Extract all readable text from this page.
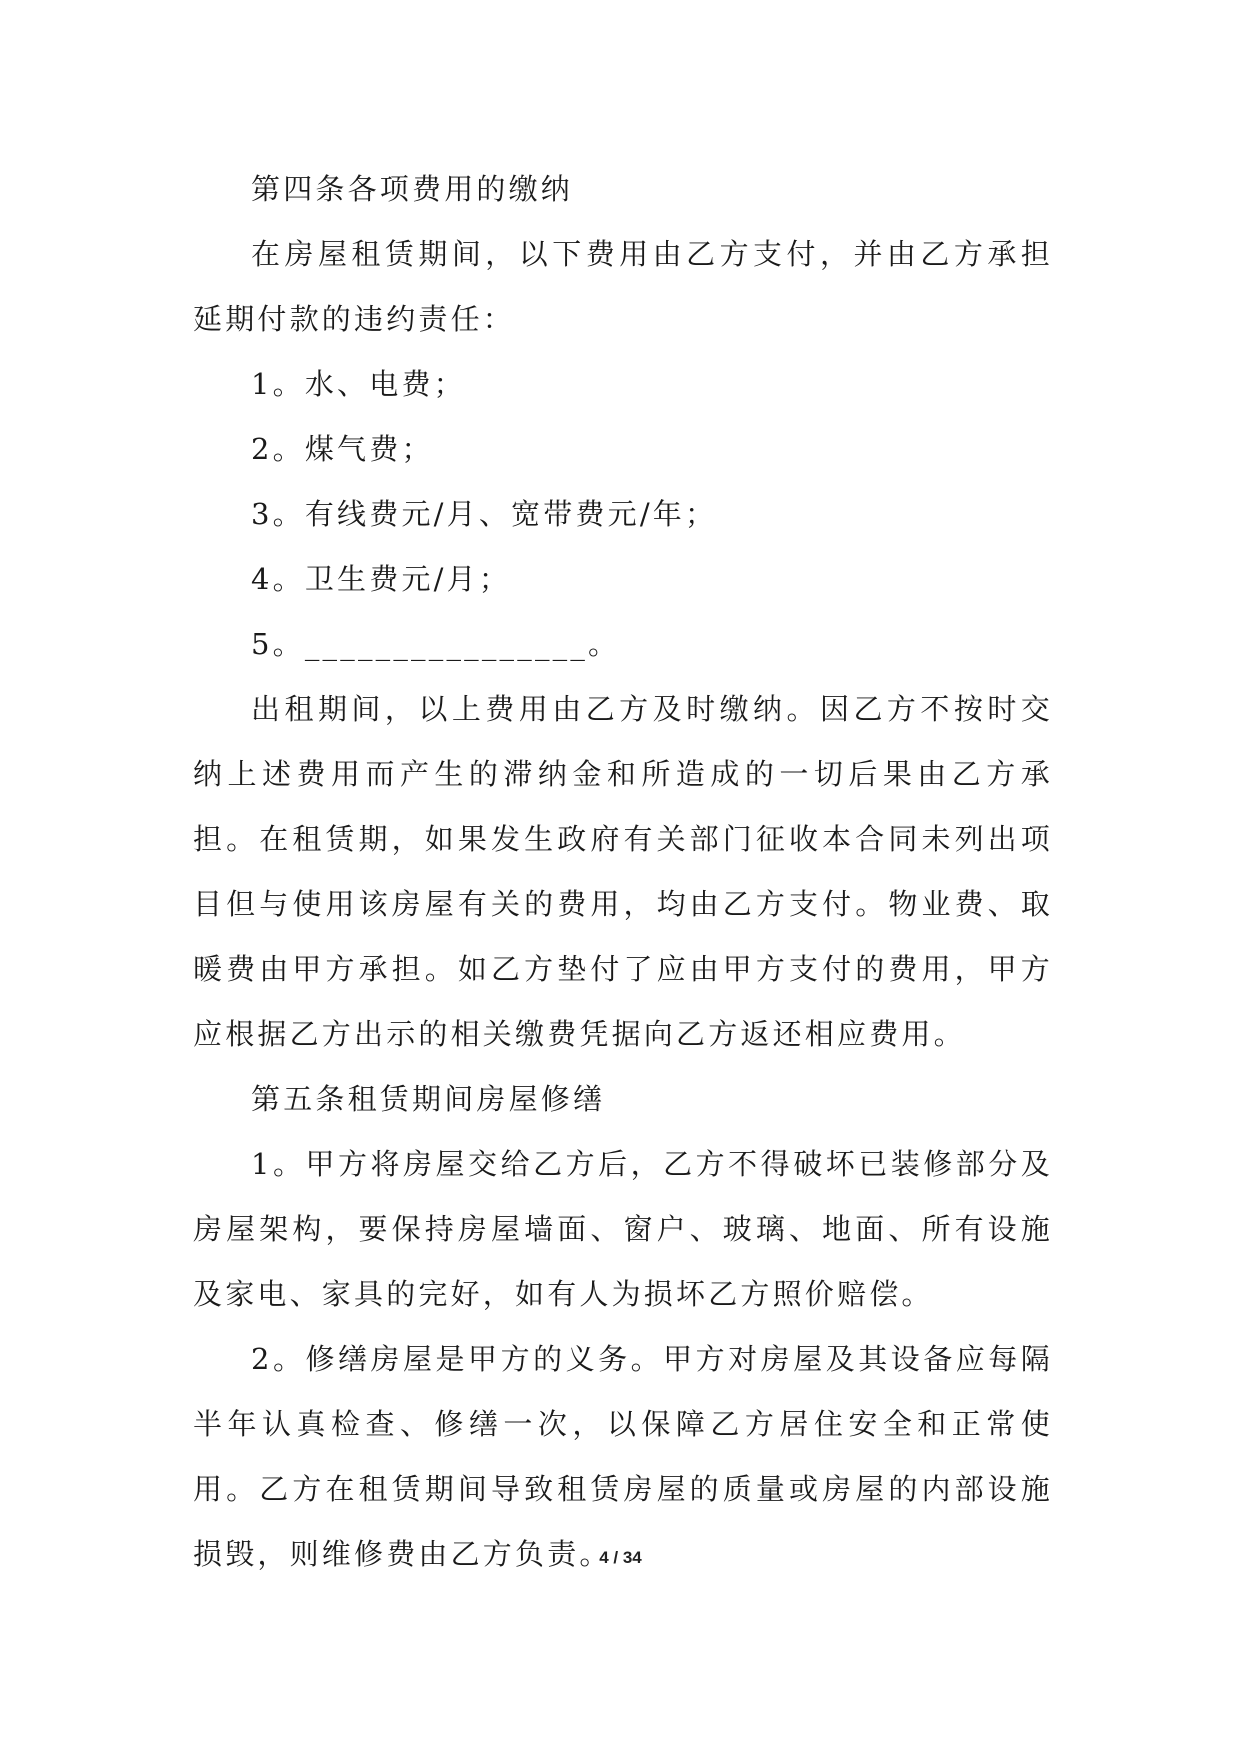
第四条各项费用的缴纳

在房屋租赁期间，以下费用由乙方支付，并由乙方承担延期付款的违约责任：

1。水、电费；

2。煤气费；

3。有线费元/月、宽带费元/年；

4。卫生费元/月；

5。________________。

出租期间，以上费用由乙方及时缴纳。因乙方不按时交纳上述费用而产生的滞纳金和所造成的一切后果由乙方承担。在租赁期，如果发生政府有关部门征收本合同未列出项目但与使用该房屋有关的费用，均由乙方支付。物业费、取暖费由甲方承担。如乙方垫付了应由甲方支付的费用，甲方应根据乙方出示的相关缴费凭据向乙方返还相应费用。

第五条租赁期间房屋修缮

1。甲方将房屋交给乙方后，乙方不得破坏已装修部分及房屋架构，要保持房屋墙面、窗户、玻璃、地面、所有设施及家电、家具的完好，如有人为损坏乙方照价赔偿。

2。修缮房屋是甲方的义务。甲方对房屋及其设备应每隔半年认真检查、修缮一次，以保障乙方居住安全和正常使用。乙方在租赁期间导致租赁房屋的质量或房屋的内部设施损毁，则维修费由乙方负责。

4 / 34
